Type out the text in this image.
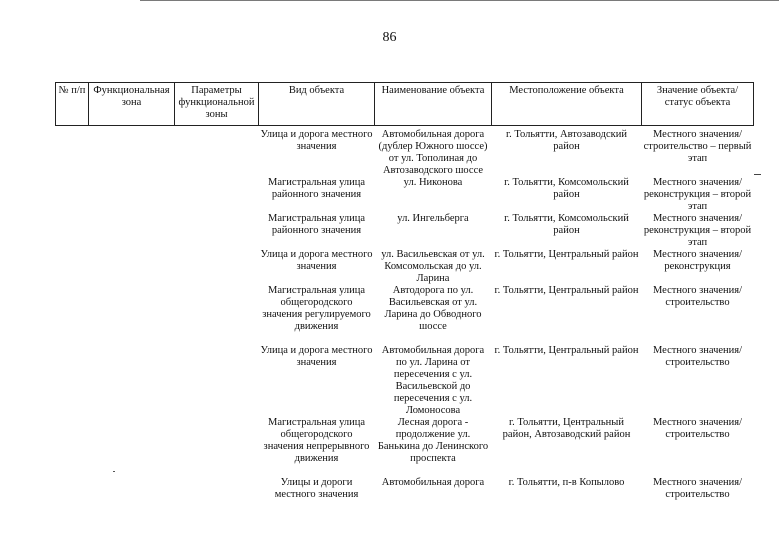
86
№ п/п	Функциональная зона	Параметры функциональной зоны	Вид объекта	Наименование объекта	Местоположение объекта	Значение объекта/статус объекта
			Улица и дорога местного значения	Автомобильная дорога (дублер Южного шоссе) от ул. Тополиная до Автозаводского шоссе	г. Тольятти, Автозаводский район	Местного значения/ строительство – первый этап
			Магистральная улица районного значения	ул. Никонова	г. Тольятти, Комсомольский район	Местного значения/ реконструкция – второй этап
			Магистральная улица районного значения	ул. Ингельберга	г. Тольятти, Комсомольский район	Местного значения/ реконструкция – второй этап
			Улица и дорога местного значения	ул. Васильевская от ул. Комсомольская до ул. Ларина	г. Тольятти, Центральный район	Местного значения/ реконструкция
			Магистральная улица общегородского значения регулируемого движения	Автодорога по ул. Васильевская от ул. Ларина до Обводного шоссе	г. Тольятти, Центральный район	Местного значения/ строительство
			Улица и дорога местного значения	Автомобильная дорога по ул. Ларина от пересечения с ул. Васильевской до пересечения с ул. Ломоносова	г. Тольятти, Центральный район	Местного значения/ строительство
			Магистральная улица общегородского значения непрерывного движения	Лесная дорога - продолжение ул. Банькина до Ленинского проспекта	г. Тольятти, Центральный район, Автозаводский район	Местного значения/ строительство
			Улицы и дороги местного значения	Автомобильная дорога	г. Тольятти, п-в Копылово	Местного значения/ строительство
